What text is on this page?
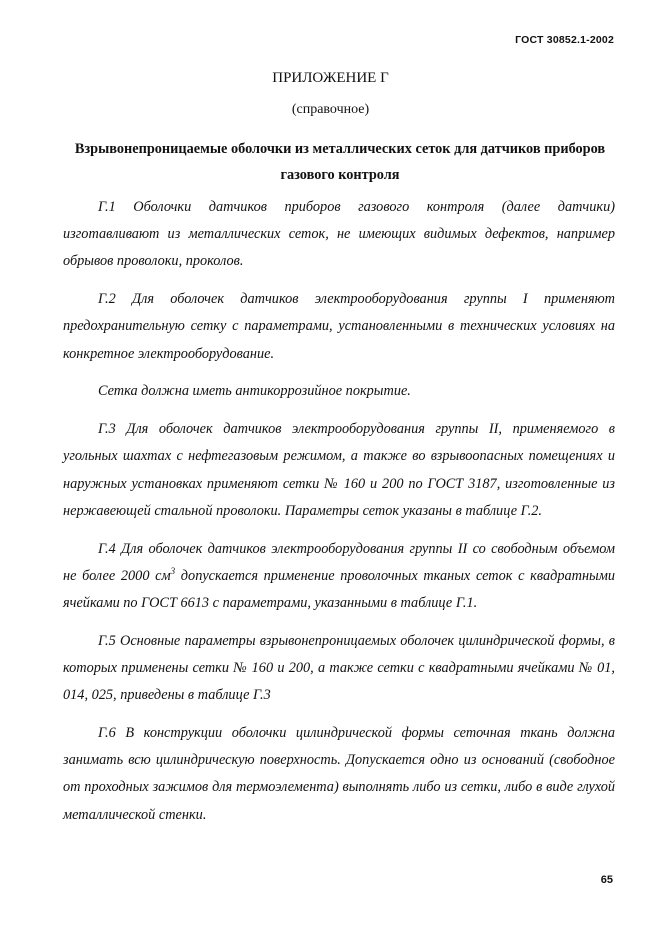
ГОСТ 30852.1-2002
ПРИЛОЖЕНИЕ Г
(справочное)
Взрывонепроницаемые оболочки из металлических сеток для датчиков приборов газового контроля

Г.1 Оболочки датчиков приборов газового контроля (далее датчики) изготавливают из металлических сеток, не имеющих видимых дефектов, например обрывов проволоки, проколов.

Г.2 Для оболочек датчиков электрооборудования группы I применяют предохранительную сетку с параметрами, установленными в технических условиях на конкретное электрооборудование.

Сетка должна иметь антикоррозийное покрытие.

Г.3 Для оболочек датчиков электрооборудования группы II, применяемого в угольных шахтах с нефтегазовым режимом, а также во взрывоопасных помещениях и наружных установках применяют сетки № 160 и 200 по ГОСТ 3187, изготовленные из нержавеющей стальной проволоки. Параметры сеток указаны в таблице Г.2.

Г.4 Для оболочек датчиков электрооборудования группы II со свободным объемом не более 2000 $см^3$ допускается применение проволочных тканых сеток с квадратными ячейками по ГОСТ 6613 с параметрами, указанными в таблице Г.1.

Г.5 Основные параметры взрывонепроницаемых оболочек цилиндрической формы, в которых применены сетки № 160 и 200, а также сетки с квадратными ячейками № 01, 014, 025, приведены в таблице Г.3

Г.6 В конструкции оболочки цилиндрической формы сеточная ткань должна занимать всю цилиндрическую поверхность. Допускается одно из оснований (свободное от проходных зажимов для термоэлемента) выполнять либо из сетки, либо в виде глухой металлической стенки.

65
